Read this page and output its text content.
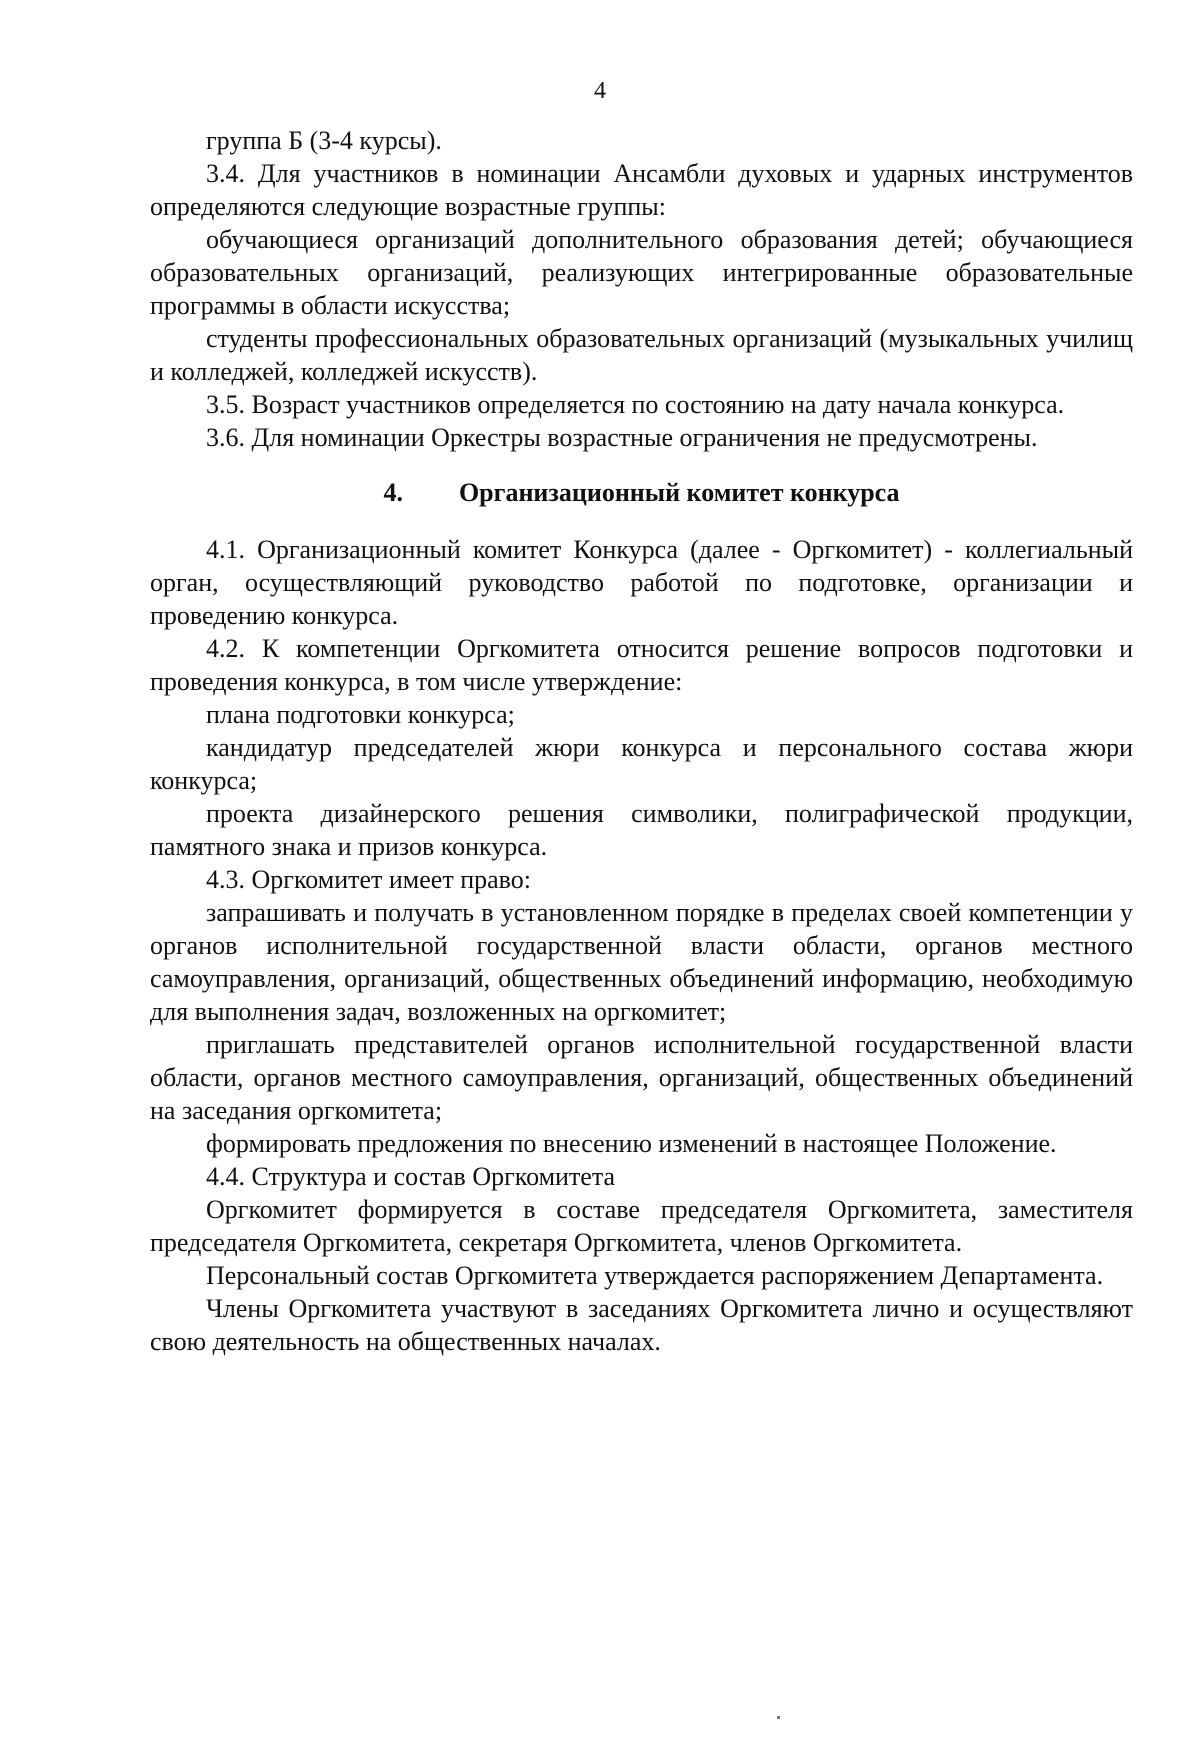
4

группа Б (3-4 курсы).

3.4. Для участников в номинации Ансамбли духовых и ударных инструментов определяются следующие возрастные группы:

обучающиеся организаций дополнительного образования детей; обучающиеся образовательных организаций, реализующих интегрированные образовательные программы в области искусства;

студенты профессиональных образовательных организаций (музыкальных училищ и колледжей, колледжей искусств).

3.5. Возраст участников определяется по состоянию на дату начала конкурса.

3.6. Для номинации Оркестры возрастные ограничения не предусмотрены.

4. Организационный комитет конкурса

4.1. Организационный комитет Конкурса (далее - Оргкомитет) - коллегиальный орган, осуществляющий руководство работой по подготовке, организации и проведению конкурса.

4.2. К компетенции Оргкомитета относится решение вопросов подготовки и проведения конкурса, в том числе утверждение:

плана подготовки конкурса;

кандидатур председателей жюри конкурса и персонального состава жюри конкурса;

проекта дизайнерского решения символики, полиграфической продукции, памятного знака и призов конкурса.

4.3. Оргкомитет имеет право:

запрашивать и получать в установленном порядке в пределах своей компетенции у органов исполнительной государственной власти области, органов местного самоуправления, организаций, общественных объединений информацию, необходимую для выполнения задач, возложенных на оргкомитет;

приглашать представителей органов исполнительной государственной власти области, органов местного самоуправления, организаций, общественных объединений на заседания оргкомитета;

формировать предложения по внесению изменений в настоящее Положение.

4.4. Структура и состав Оргкомитета

Оргкомитет формируется в составе председателя Оргкомитета, заместителя председателя Оргкомитета, секретаря Оргкомитета, членов Оргкомитета.

Персональный состав Оргкомитета утверждается распоряжением Департамента.

Члены Оргкомитета участвуют в заседаниях Оргкомитета лично и осуществляют свою деятельность на общественных началах.
